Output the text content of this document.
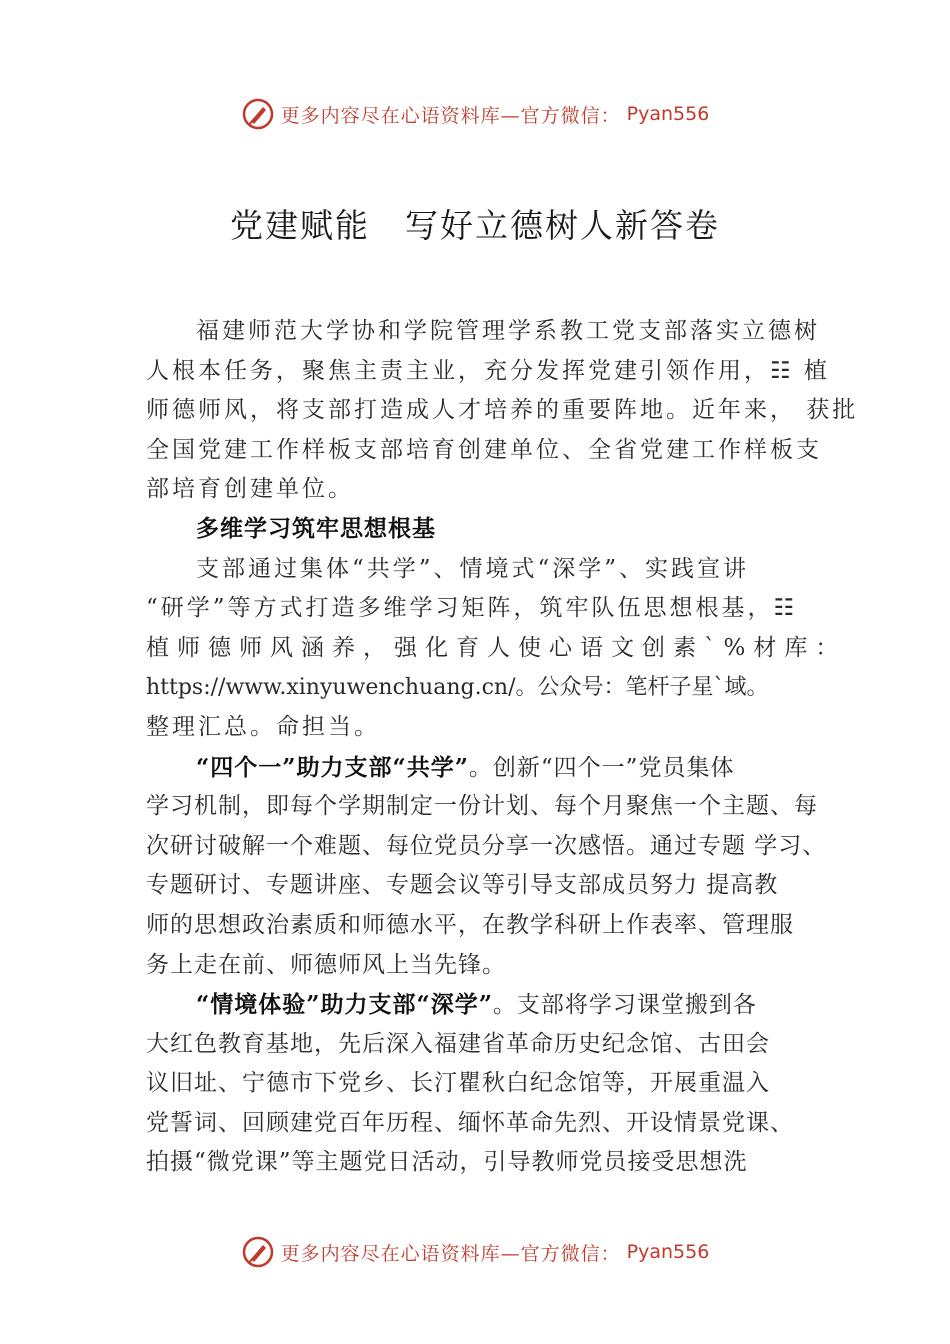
更多内容尽在心语资料库—官方微信： Pyan556
党建赋能　写好立德树人新答卷
福建师范大学协和学院管理学系教工党支部落实立德树
人根本任务，聚焦主责主业，充分发挥党建引领作用，☷ 植
师德师风，将支部打造成人才培养的重要阵地。近年来， 获批
全国党建工作样板支部培育创建单位、全省党建工作样板支
部培育创建单位。
多维学习筑牢思想根基
支部通过集体“共学”、情境式“深学”、实践宣讲
“研学”等方式打造多维学习矩阵，筑牢队伍思想根基，☷
植师德师风涵养，强化育人使心语文创素`%材库：
https://www.xinyuwenchuang.cn/。公众号：笔杆子星`域。
整理汇总。命担当。
“四个一”助力支部“共学”。创新“四个一”党员集体
学习机制，即每个学期制定一份计划、每个月聚焦一个主题、每
次研讨破解一个难题、每位党员分享一次感悟。通过专题 学习、
专题研讨、专题讲座、专题会议等引导支部成员努力 提高教
师的思想政治素质和师德水平，在教学科研上作表率、管理服
务上走在前、师德师风上当先锋。
“情境体验”助力支部“深学”。支部将学习课堂搬到各
大红色教育基地，先后深入福建省革命历史纪念馆、古田会
议旧址、宁德市下党乡、长汀瞿秋白纪念馆等，开展重温入
党誓词、回顾建党百年历程、缅怀革命先烈、开设情景党课、
拍摄“微党课”等主题党日活动，引导教师党员接受思想洗
更多内容尽在心语资料库—官方微信： Pyan556
